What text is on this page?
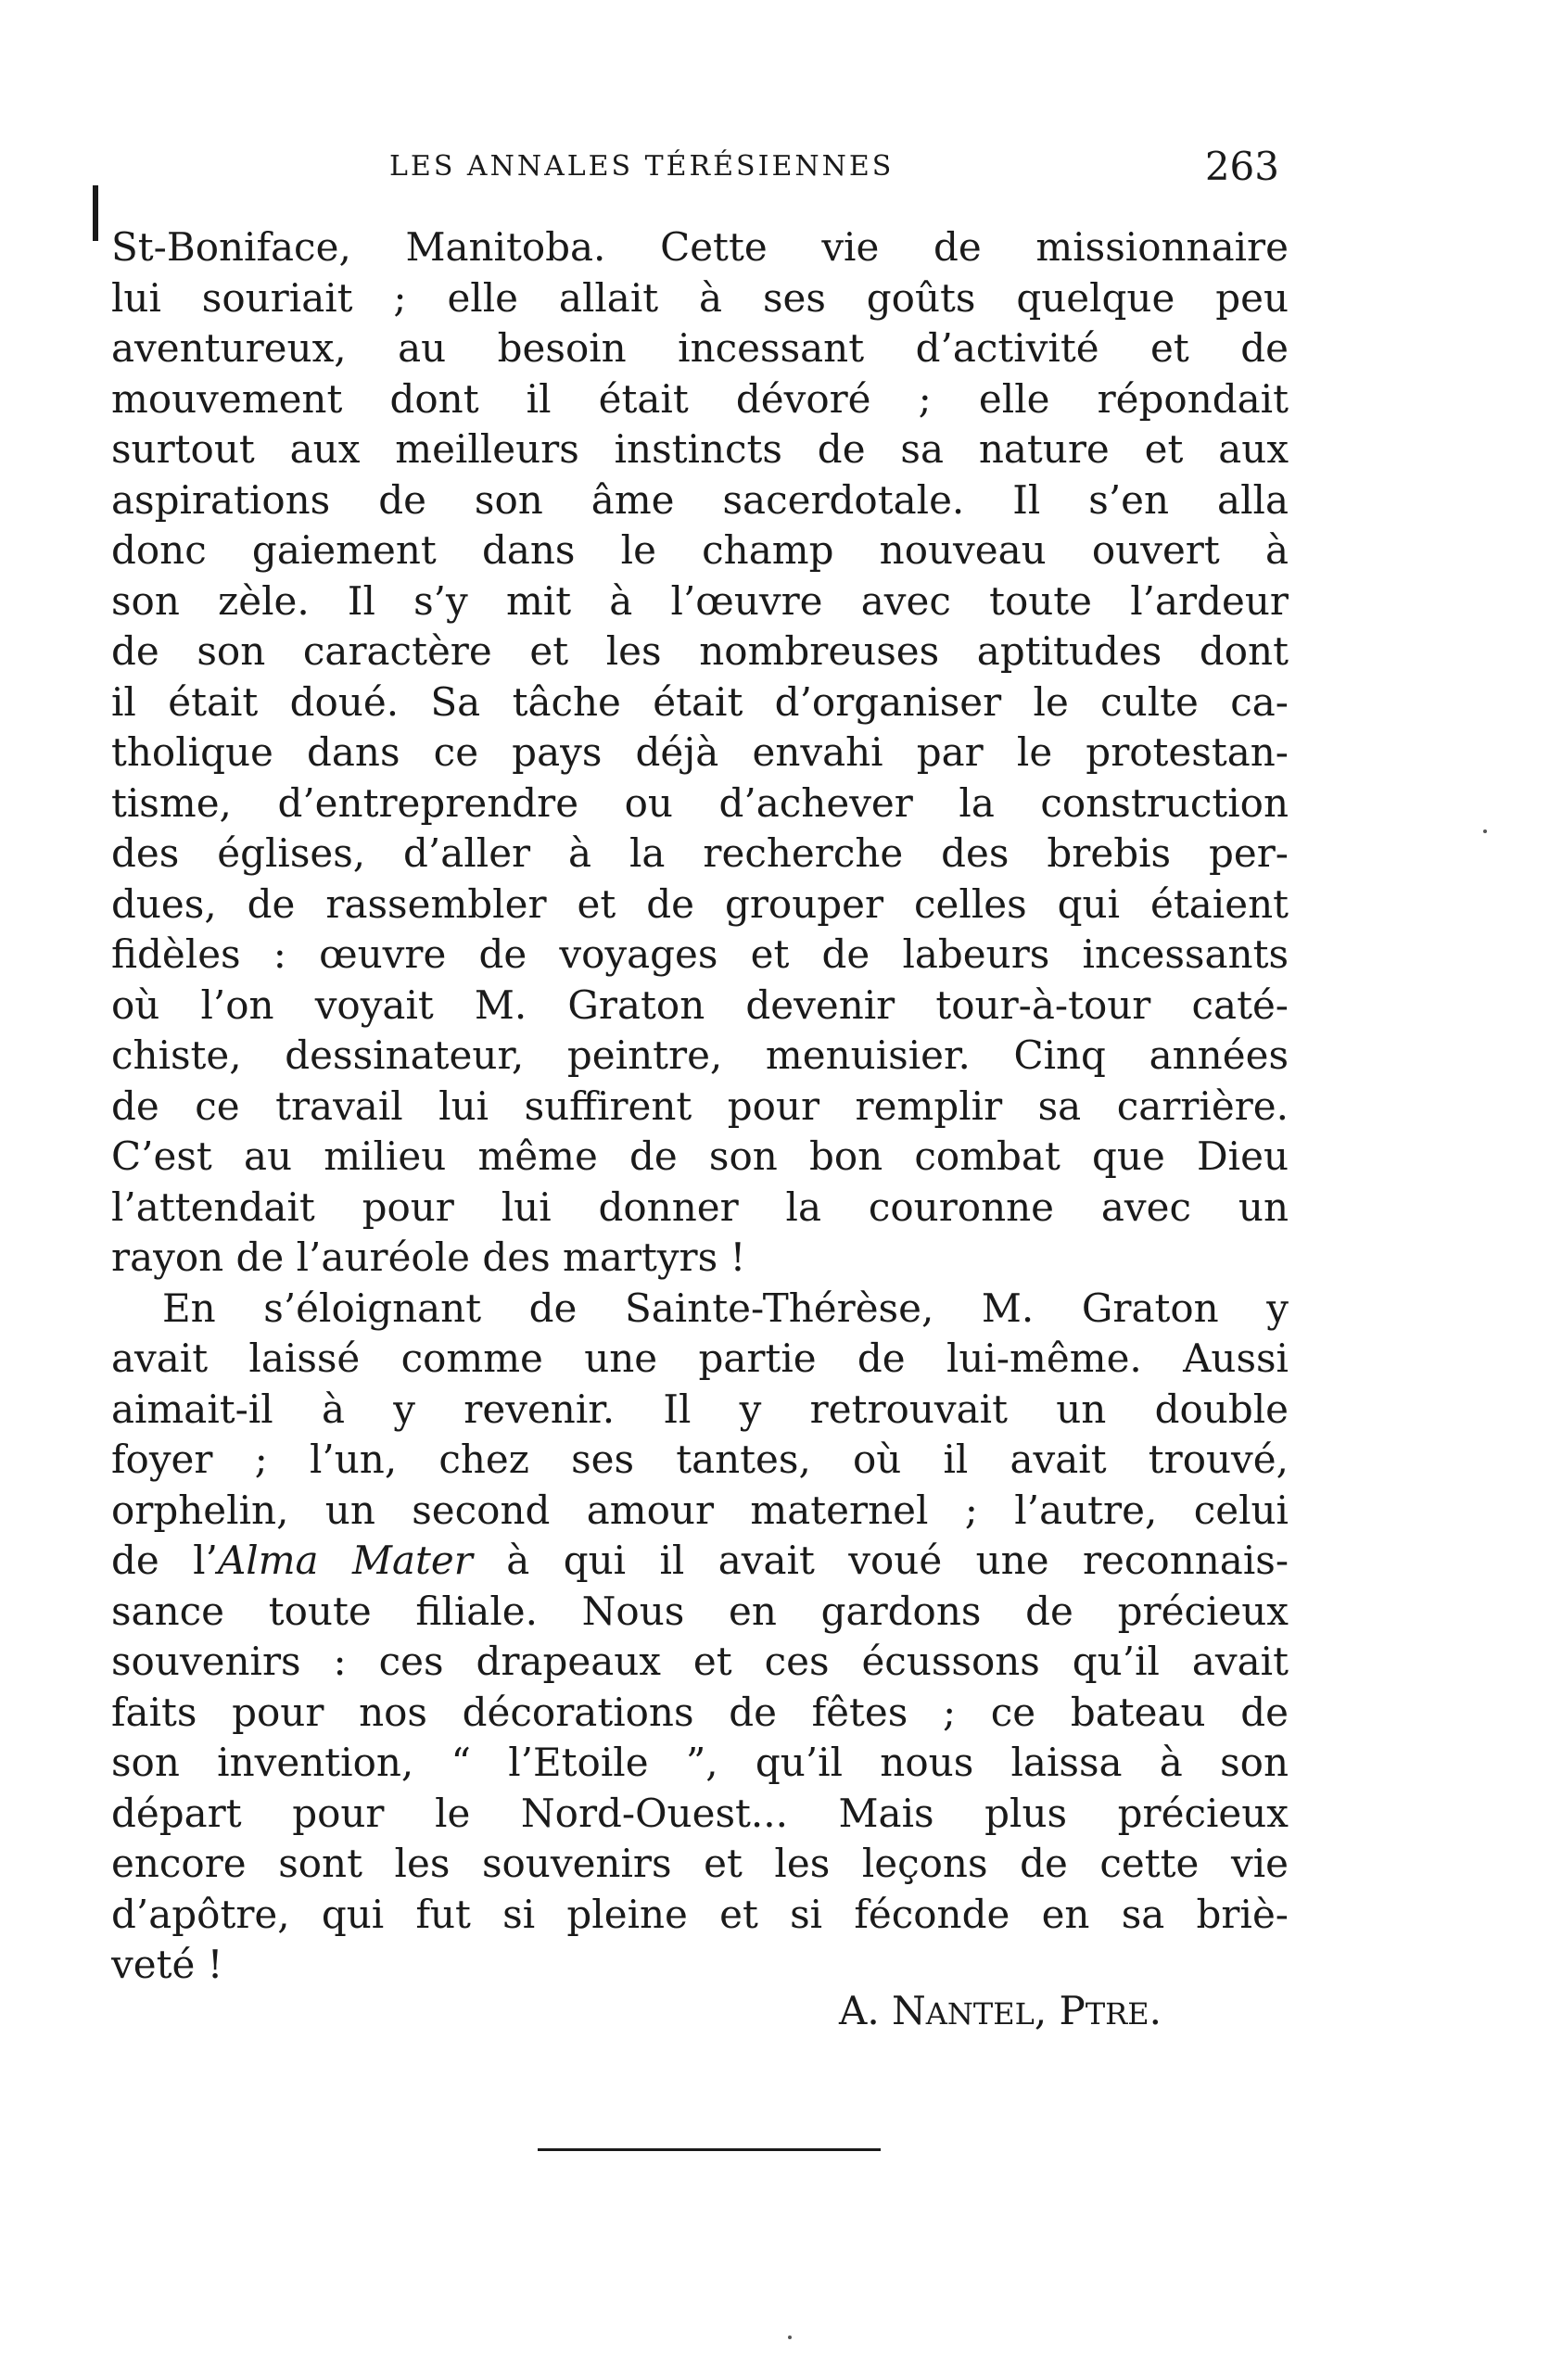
LES ANNALES TÉRÉSIENNES	263
St-Boniface, Manitoba. Cette vie de missionnaire
lui souriait ; elle allait à ses goûts quelque peu
aventureux, au besoin incessant d’activité et de
mouvement dont il était dévoré ; elle répondait
surtout aux meilleurs instincts de sa nature et aux
aspirations de son âme sacerdotale. Il s’en alla
donc gaiement dans le champ nouveau ouvert à
son zèle. Il s’y mit à l’œuvre avec toute l’ardeur
de son caractère et les nombreuses aptitudes dont
il était doué. Sa tâche était d’organiser le culte ca-
tholique dans ce pays déjà envahi par le protestan-
tisme, d’entreprendre ou d’achever la construction
des églises, d’aller à la recherche des brebis per-
dues, de rassembler et de grouper celles qui étaient
fidèles : œuvre de voyages et de labeurs incessants
où l’on voyait M. Graton devenir tour-à-tour caté-
chiste, dessinateur, peintre, menuisier. Cinq années
de ce travail lui suffirent pour remplir sa carrière.
C’est au milieu même de son bon combat que Dieu
l’attendait pour lui donner la couronne avec un
rayon de l’auréole des martyrs !
En s’éloignant de Sainte-Thérèse, M. Graton y
avait laissé comme une partie de lui-même. Aussi
aimait-il à y revenir. Il y retrouvait un double
foyer ; l’un, chez ses tantes, où il avait trouvé,
orphelin, un second amour maternel ; l’autre, celui
de l’Alma Mater à qui il avait voué une reconnais-
sance toute filiale. Nous en gardons de précieux
souvenirs : ces drapeaux et ces écussons qu’il avait
faits pour nos décorations de fêtes ; ce bateau de
son invention, “ l’Etoile ”, qu’il nous laissa à son
départ pour le Nord-Ouest... Mais plus précieux
encore sont les souvenirs et les leçons de cette vie
d’apôtre, qui fut si pleine et si féconde en sa briè-
veté !
A. NANTEL, PTRE.
